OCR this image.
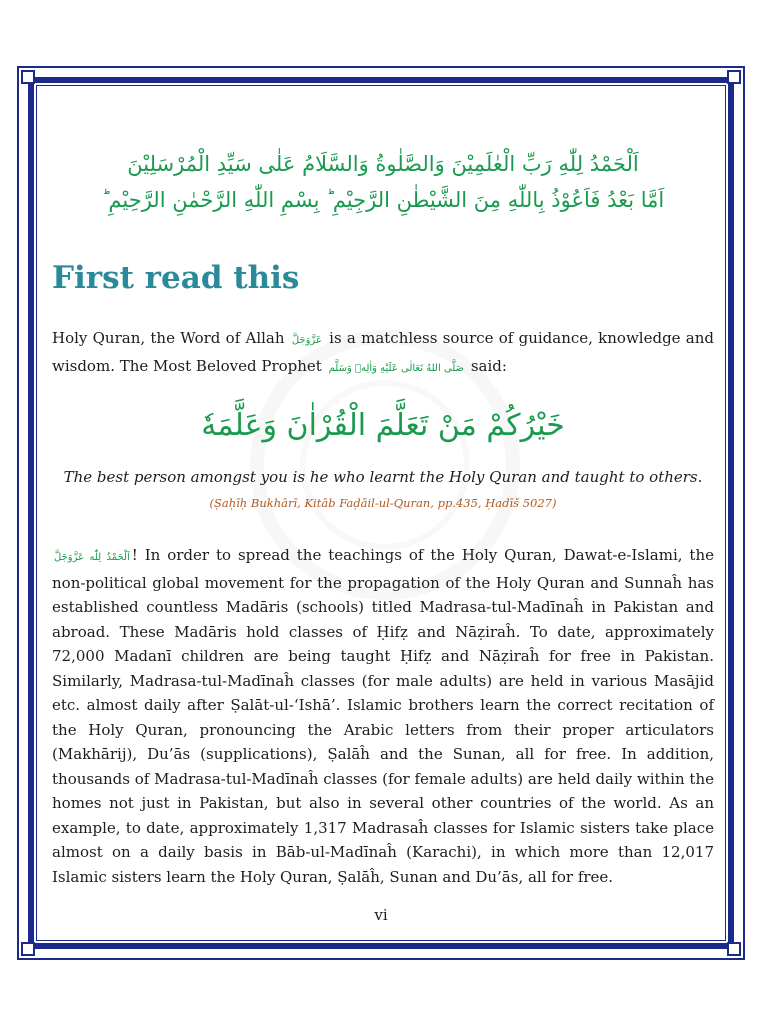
اَلْحَمْدُ لِلّٰهِ رَبِّ الْعٰلَمِيْنَ وَالصَّلٰوةُ وَالسَّلَامُ عَلٰى سَيِّدِ الْمُرْسَلِيْنَ
اَمَّا بَعْدُ فَاَعُوْذُ بِاللّٰهِ مِنَ الشَّيْطٰنِ الرَّجِيْمِ ؕ بِسْمِ اللّٰهِ الرَّحْمٰنِ الرَّحِيْمِ ؕ
First read this

Holy Quran, the Word of Allah عَزَّوَجَلَّ is a matchless source of guidance, knowledge and wisdom. The Most Beloved Prophet صَلَّى اللهُ تَعَالٰى عَلَيْهِ وَاٰلِهٖ وَسَلَّم said:

خَيْرُكُمْ مَنْ تَعَلَّمَ الْقُرْاٰنَ وَعَلَّمَهٗ
The best person amongst you is he who learnt the Holy Quran and taught to others.
(Ṣaḥīḥ Bukhārī, Kitāb Faḍāil-ul-Quran, pp.435, Ḥadīš 5027)

اَلْحَمْدُ لِلّٰه عَزَّوَجَلَّ ! In order to spread the teachings of the Holy Quran, Dawat-e-Islami, the non-political global movement for the propagation of the Holy Quran and Sunnaĥ has established countless Madāris (schools) titled Madrasa-tul-Madīnaĥ in Pakistan and abroad. These Madāris hold classes of Ḥifẓ and Nāẓiraĥ. To date, approximately 72,000 Madanī children are being taught Ḥifẓ and Nāẓiraĥ for free in Pakistan. Similarly, Madrasa-tul-Madīnaĥ classes (for male adults) are held in various Masājid etc. almost daily after Ṣalāt-ul-‘Ishā’. Islamic brothers learn the correct recitation of the Holy Quran, pronouncing the Arabic letters from their proper articulators (Makhārij), Du’ās (supplications), Ṣalāĥ and the Sunan, all for free. In addition, thousands of Madrasa-tul-Madīnaĥ classes (for female adults) are held daily within the homes not just in Pakistan, but also in several other countries of the world. As an example, to date, approximately 1,317 Madrasaĥ classes for Islamic sisters take place almost on a daily basis in Bāb-ul-Madīnaĥ (Karachi), in which more than 12,017 Islamic sisters learn the Holy Quran, Ṣalāĥ, Sunan and Du’ās, all for free.

vi
